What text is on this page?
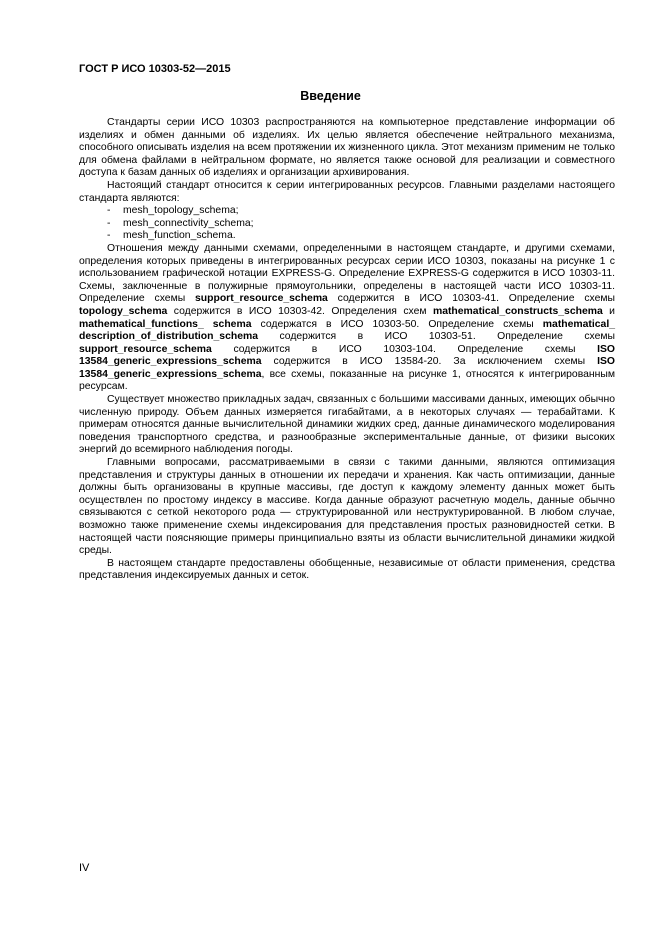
ГОСТ Р ИСО 10303-52—2015
Введение

Стандарты серии ИСО 10303 распространяются на компьютерное представление информации об изделиях и обмен данными об изделиях. Их целью является обеспечение нейтрального механизма, способного описывать изделия на всем протяжении их жизненного цикла. Этот механизм применим не только для обмена файлами в нейтральном формате, но является также основой для реализации и совместного доступа к базам данных об изделиях и организации архивирования.

Настоящий стандарт относится к серии интегрированных ресурсов. Главными разделами настоящего стандарта являются:

- mesh_topology_schema;
- mesh_connectivity_schema;
- mesh_function_schema.

Отношения между данными схемами, определенными в настоящем стандарте, и другими схемами, определения которых приведены в интегрированных ресурсах серии ИСО 10303, показаны на рисунке 1 с использованием графической нотации EXPRESS-G. Определение EXPRESS-G содержится в ИСО 10303-11. Схемы, заключенные в полужирные прямоугольники, определены в настоящей части ИСО 10303-11. Определение схемы support_resource_schema содержится в ИСО 10303-41. Определение схемы topology_schema содержится в ИСО 10303-42. Определения схем mathematical_constructs_schema и mathematical_functions_ schema содержатся в ИСО 10303-50. Определение схемы mathematical_ description_of_distribution_schema содержится в ИСО 10303-51. Определение схемы support_resource_schema содержится в ИСО 10303-104. Определение схемы ISO 13584_generic_expressions_schema содержится в ИСО 13584-20. За исключением схемы ISO 13584_generic_expressions_schema, все схемы, показанные на рисунке 1, относятся к интегрированным ресурсам.

Существует множество прикладных задач, связанных с большими массивами данных, имеющих обычно численную природу. Объем данных измеряется гигабайтами, а в некоторых случаях — терабайтами. К примерам относятся данные вычислительной динамики жидких сред, данные динамического моделирования поведения транспортного средства, и разнообразные экспериментальные данные, от физики высоких энергий до всемирного наблюдения погоды.

Главными вопросами, рассматриваемыми в связи с такими данными, являются оптимизация представления и структуры данных в отношении их передачи и хранения. Как часть оптимизации, данные должны быть организованы в крупные массивы, где доступ к каждому элементу данных может быть осуществлен по простому индексу в массиве. Когда данные образуют расчетную модель, данные обычно связываются с сеткой некоторого рода — структурированной или неструктурированной. В любом случае, возможно также применение схемы индексирования для представления простых разновидностей сетки. В настоящей части поясняющие примеры принципиально взяты из области вычислительной динамики жидкой среды.

В настоящем стандарте предоставлены обобщенные, независимые от области применения, средства представления индексируемых данных и сеток.

IV
